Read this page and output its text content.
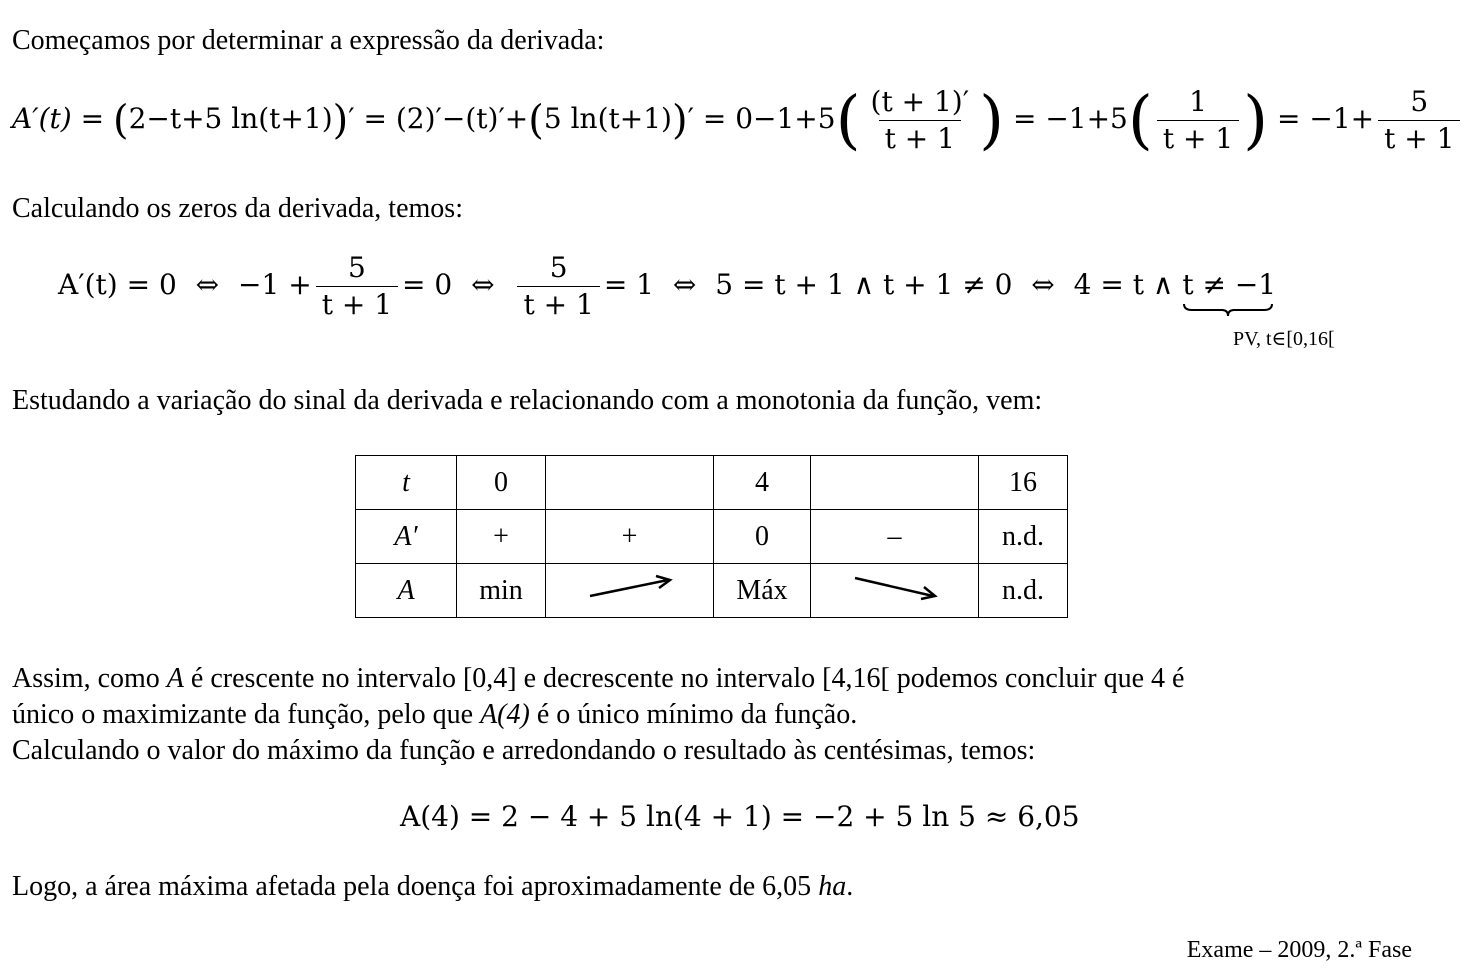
Começamos por determinar a expressão da derivada:
A′(t) = (2−t+5 ln(t+1))′ = (2)′−(t)′+(5 $\ln(t+1))' = 0-1+5( \frac{(t + 1)'}{t + 1}$ ) = $-1+5( \frac{1}{t + 1}$ ) = $-1+ \frac{5}{t + 1}$
Calculando os zeros da derivada, temos:
A′(t) = 0 ⇔ $-1 + \frac{5}{t + 1} = 0$ ⇔ $\frac{5}{t + 1} = 1$ ⇔ 5 = t + 1 ∧ t + 1 ≠ 0 ⇔ 4 = t ∧ t ≠ −1
PV, t∈[0,16[
Estudando a variação do sinal da derivada e relacionando com a monotonia da função, vem:
t	0		4		16
A′	+	+	0	–	n.d.
A	min		Máx		n.d.
Assim, como A é crescente no intervalo [0,4] e decrescente no intervalo [4,16[ podemos concluir que 4 é
único o maximizante da função, pelo que A(4) é o único mínimo da função.
Calculando o valor do máximo da função e arredondando o resultado às centésimas, temos:
A(4) = 2 − 4 + 5 ln(4 + 1) = −2 + 5 ln 5 ≈ 6,05
Logo, a área máxima afetada pela doença foi aproximadamente de 6,05 ha.
Exame – 2009, 2.ª Fase
